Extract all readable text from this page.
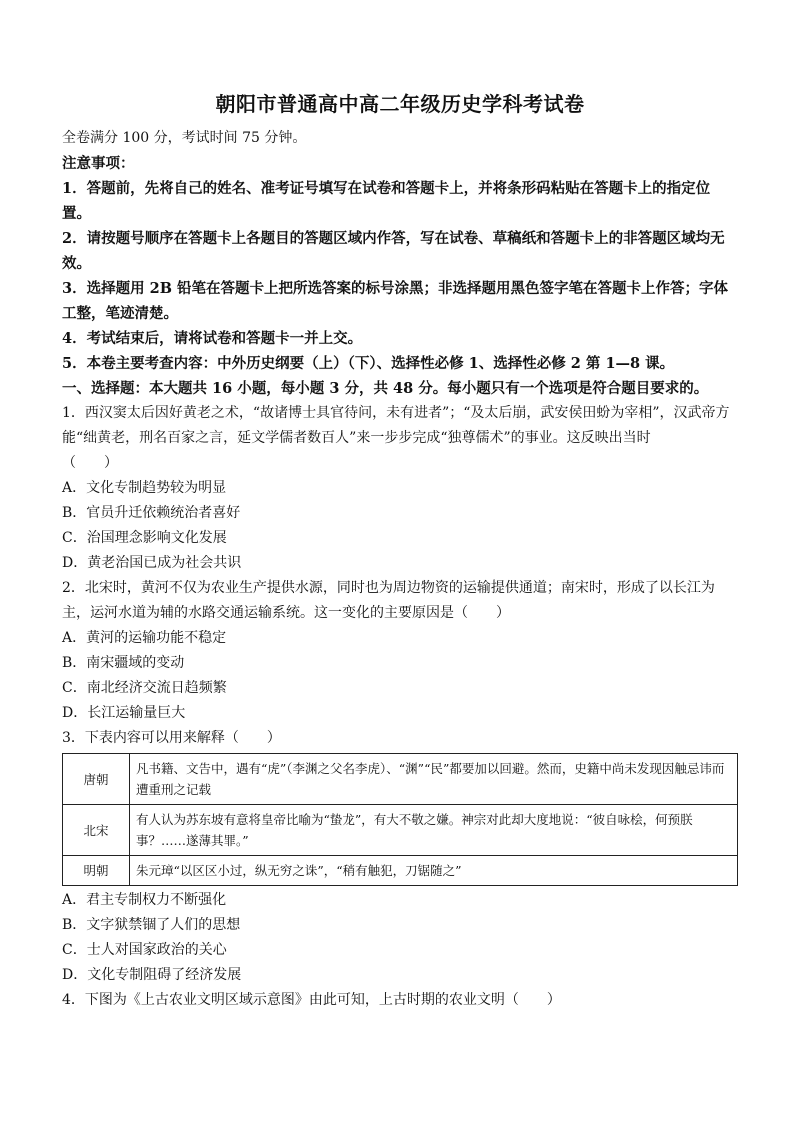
朝阳市普通高中高二年级历史学科考试卷

全卷满分 100 分，考试时间 75 分钟。

注意事项：

1．答题前，先将自己的姓名、准考证号填写在试卷和答题卡上，并将条形码粘贴在答题卡上的指定位置。

2．请按题号顺序在答题卡上各题目的答题区域内作答，写在试卷、草稿纸和答题卡上的非答题区域均无效。

3．选择题用 2B 铅笔在答题卡上把所选答案的标号涂黑；非选择题用黑色签字笔在答题卡上作答；字体工整，笔迹清楚。

4．考试结束后，请将试卷和答题卡一并上交。

5．本卷主要考查内容：中外历史纲要（上）（下）、选择性必修 1、选择性必修 2 第 1—8 课。

一、选择题：本大题共 16 小题，每小题 3 分，共 48 分。每小题只有一个选项是符合题目要求的。

1．西汉窦太后因好黄老之术，“故诸博士具官待问，未有进者”；“及太后崩，武安侯田蚡为宰相”，汉武帝方能“绌黄老，刑名百家之言，延文学儒者数百人”来一步步完成“独尊儒术”的事业。这反映出当时

（　　）

A．文化专制趋势较为明显

B．官员升迁依赖统治者喜好

C．治国理念影响文化发展

D．黄老治国已成为社会共识

2．北宋时，黄河不仅为农业生产提供水源，同时也为周边物资的运输提供通道；南宋时，形成了以长江为主，运河水道为辅的水路交通运输系统。这一变化的主要原因是（　　）

A．黄河的运输功能不稳定

B．南宋疆域的变动

C．南北经济交流日趋频繁

D．长江运输量巨大

3．下表内容可以用来解释（　　）

唐朝	凡书籍、文告中，遇有“虎”（李渊之父名李虎）、“渊”“民”都要加以回避。然而，史籍中尚未发现因触忌讳而遭重刑之记载
北宋	有人认为苏东坡有意将皇帝比喻为“蛰龙”，有大不敬之嫌。神宗对此却大度地说：“彼自咏桧，何预朕事？……遂薄其罪。”
明朝	朱元璋“以区区小过，纵无穷之诛”，“稍有触犯，刀锯随之”

A．君主专制权力不断强化

B．文字狱禁锢了人们的思想

C．士人对国家政治的关心

D．文化专制阻碍了经济发展

4．下图为《上古农业文明区域示意图》由此可知，上古时期的农业文明（　　）
